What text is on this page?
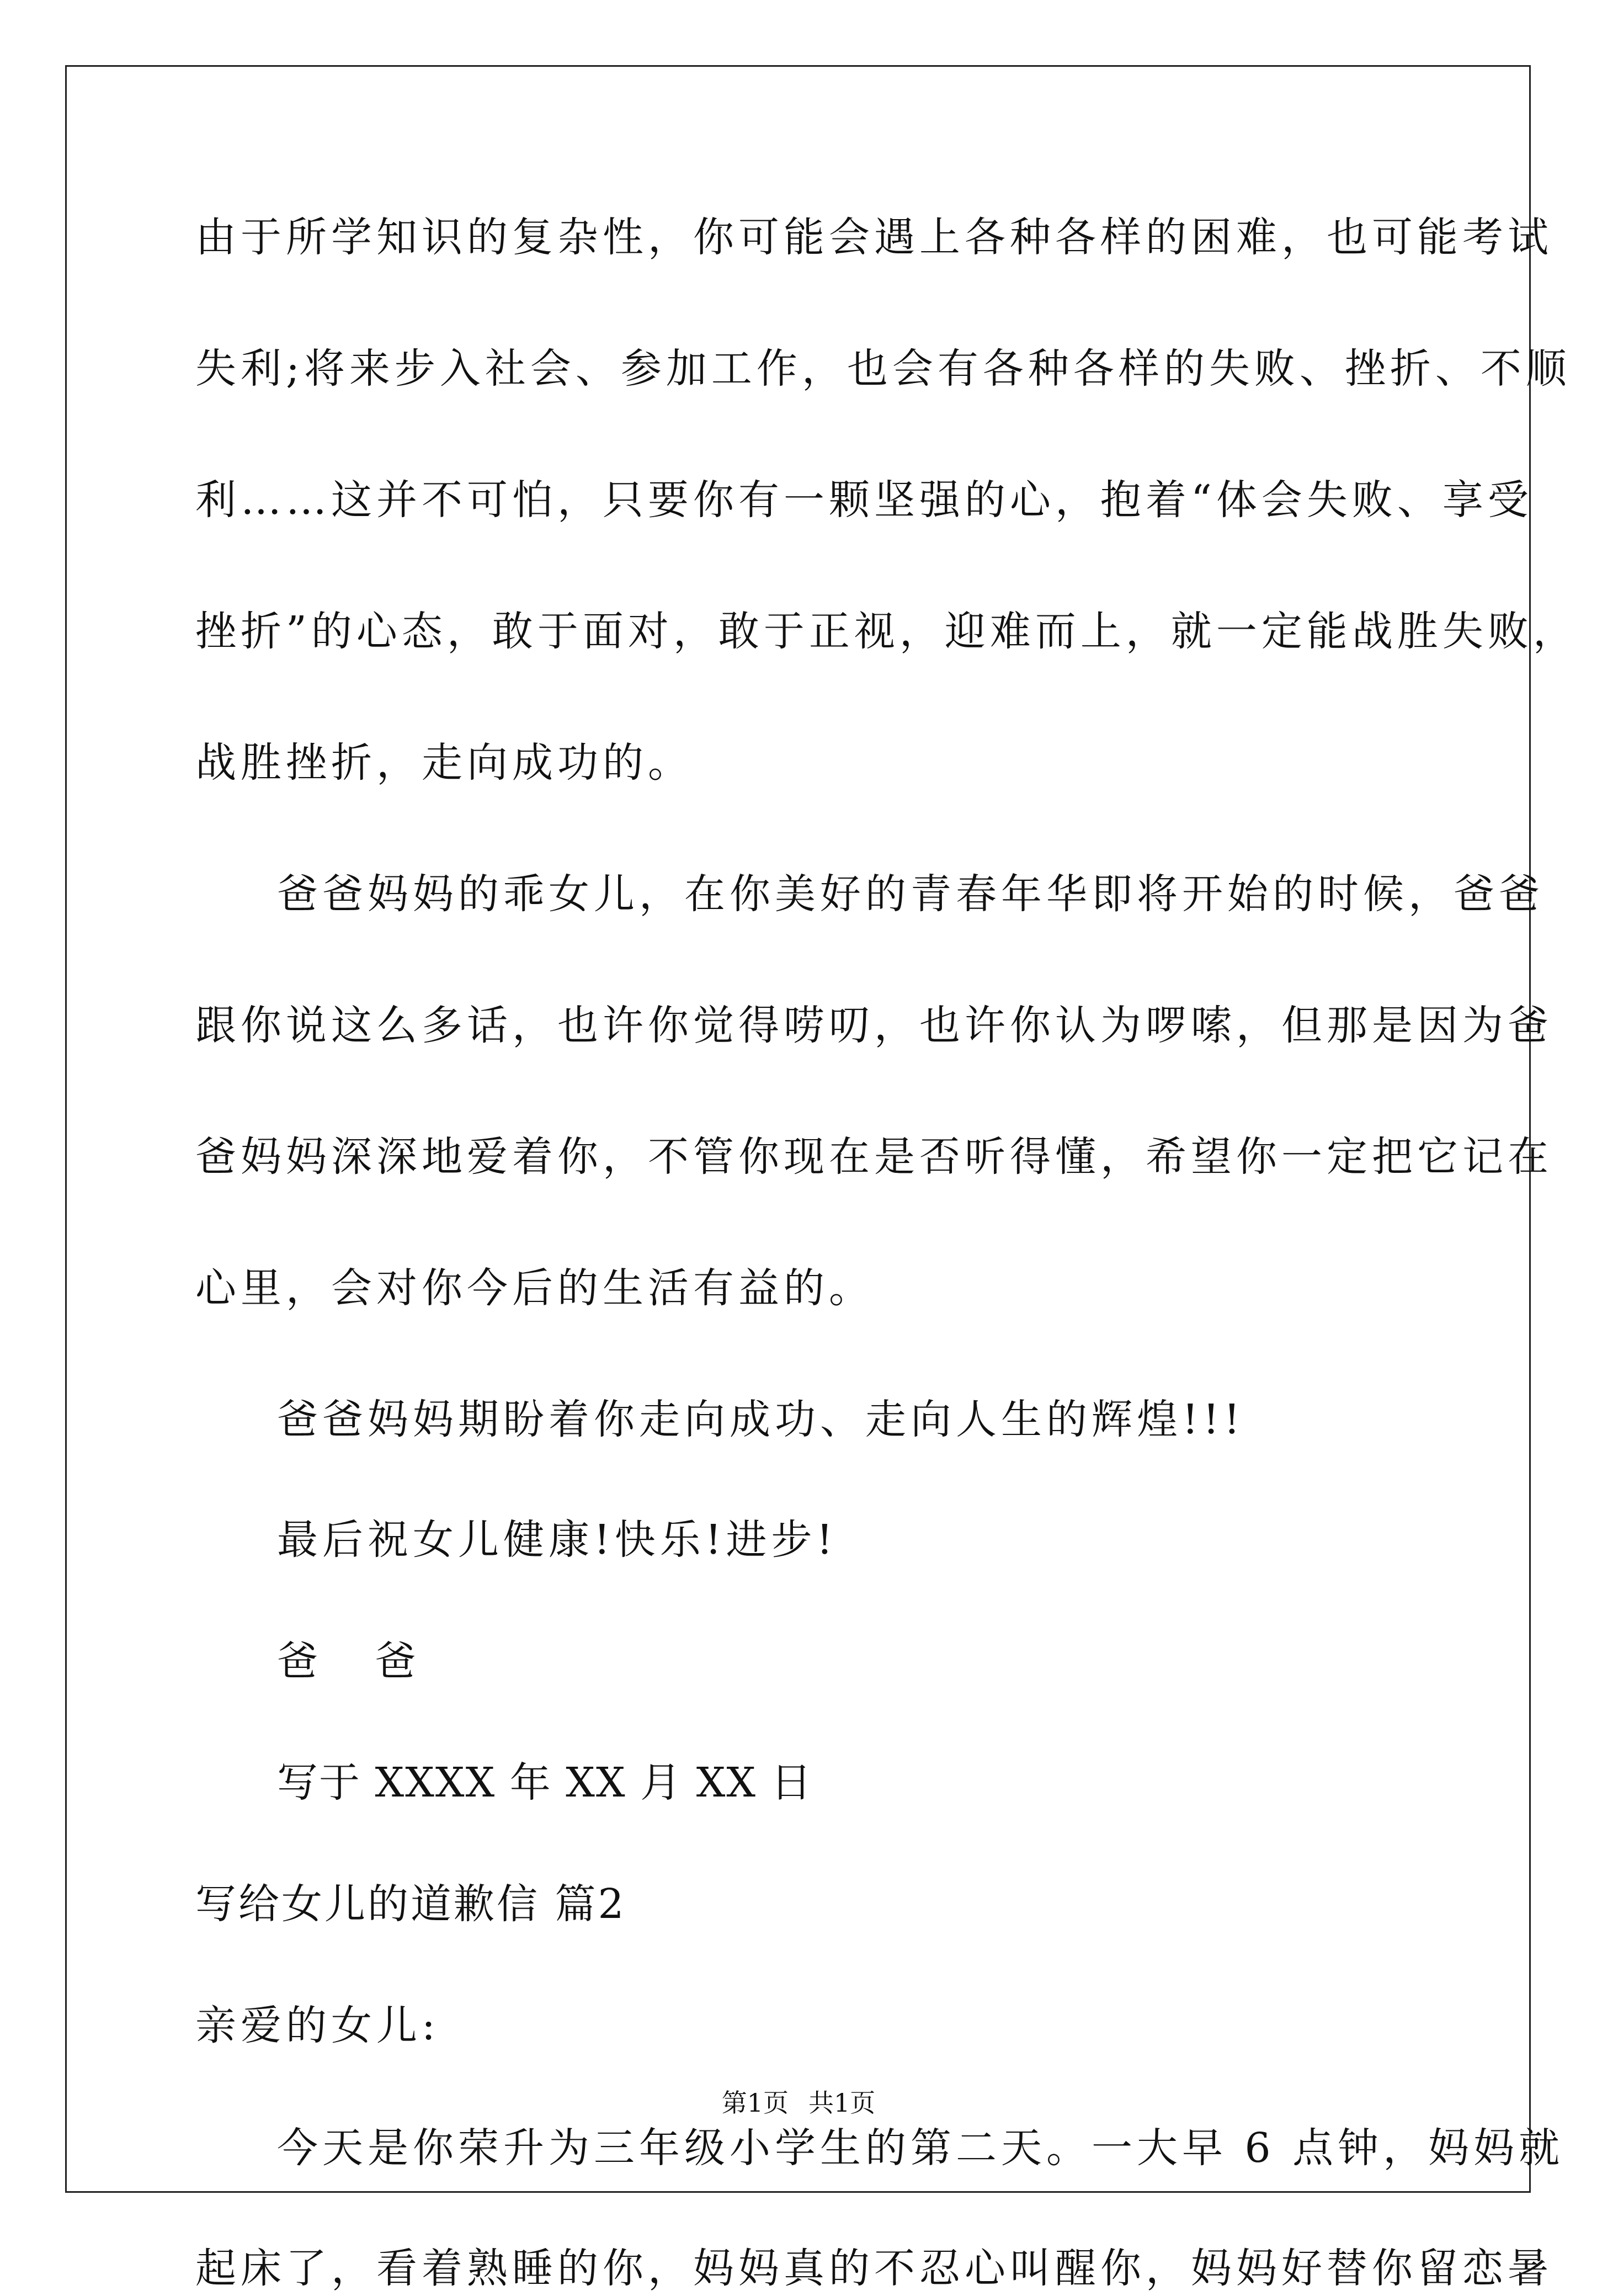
由于所学知识的复杂性，你可能会遇上各种各样的困难，也可能考试
失利;将来步入社会、参加工作，也会有各种各样的失败、挫折、不顺
利……这并不可怕，只要你有一颗坚强的心，抱着“体会失败、享受
挫折”的心态，敢于面对，敢于正视，迎难而上，就一定能战胜失败，
战胜挫折，走向成功的。
爸爸妈妈的乖女儿，在你美好的青春年华即将开始的时候，爸爸
跟你说这么多话，也许你觉得唠叨，也许你认为啰嗦，但那是因为爸
爸妈妈深深地爱着你，不管你现在是否听得懂，希望你一定把它记在
心里，会对你今后的生活有益的。
爸爸妈妈期盼着你走向成功、走向人生的辉煌!!!
最后祝女儿健康!快乐!进步!
爸 爸
写于 XXXX 年 XX 月 XX 日
写给女儿的道歉信 篇2
亲爱的女儿:
今天是你荣升为三年级小学生的第二天。一大早 6 点钟，妈妈就
起床了，看着熟睡的你，妈妈真的不忍心叫醒你，妈妈好替你留恋暑
第1页 共1页
